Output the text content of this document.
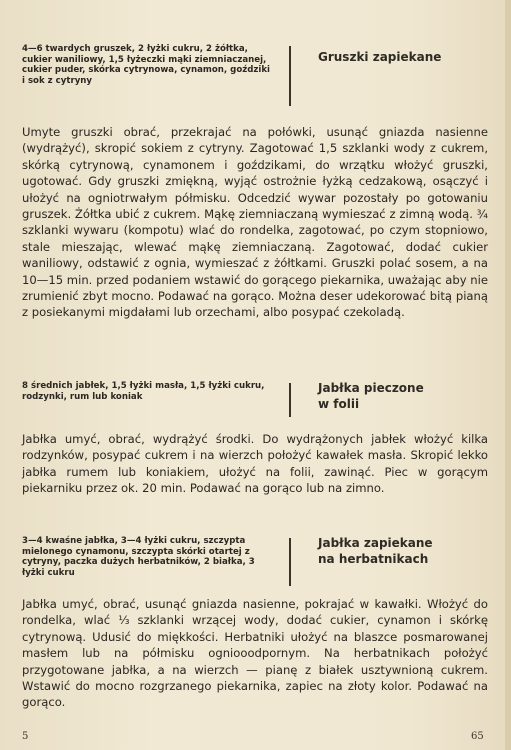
4—6 twardych gruszek, 2 łyżki cukru, 2 żółtka, cukier waniliowy, 1,5 łyżeczki mąki ziemniaczanej, cukier puder, skórka cytrynowa, cynamon, goździki i sok z cytryny
Gruszki zapiekane

Umyte gruszki obrać, przekrajać na połówki, usunąć gniazda nasienne (wydrążyć), skropić sokiem z cytryny. Zagotować 1,5 szklanki wody z cukrem, skórką cytrynową, cynamonem i goździkami, do wrzątku włożyć gruszki, ugotować. Gdy gruszki zmiękną, wyjąć ostrożnie łyżką cedzakową, osączyć i ułożyć na ogniotrwałym półmisku. Odcedzić wywar pozostały po gotowaniu gruszek. Żółtka ubić z cukrem. Mąkę ziemniaczaną wymieszać z zimną wodą. ¾ szklanki wywaru (kompotu) wlać do rondelka, zagotować, po czym stopniowo, stale mieszając, wlewać mąkę ziemniaczaną. Zagotować, dodać cukier waniliowy, odstawić z ognia, wymieszać z żółtkami. Gruszki polać sosem, a na 10—15 min. przed podaniem wstawić do gorącego piekarnika, uważając aby nie zrumienić zbyt mocno. Podawać na gorąco. Można deser udekorować bitą pianą z posiekanymi migdałami lub orzechami, albo posypać czekoladą.

8 średnich jabłek, 1,5 łyżki masła, 1,5 łyżki cukru, rodzynki, rum lub koniak
Jabłka pieczone w folii

Jabłka umyć, obrać, wydrążyć środki. Do wydrążonych jabłek włożyć kilka rodzynków, posypać cukrem i na wierzch położyć kawałek masła. Skropić lekko jabłka rumem lub koniakiem, ułożyć na folii, zawinąć. Piec w gorącym piekarniku przez ok. 20 min. Podawać na gorąco lub na zimno.

3—4 kwaśne jabłka, 3—4 łyżki cukru, szczypta mielonego cynamonu, szczypta skórki otartej z cytryny, paczka dużych herbatników, 2 białka, 3 łyżki cukru
Jabłka zapiekane na herbatnikach

Jabłka umyć, obrać, usunąć gniazda nasienne, pokrajać w kawałki. Włożyć do rondelka, wlać ⅓ szklanki wrzącej wody, dodać cukier, cynamon i skórkę cytrynową. Udusić do miękkości. Herbatniki ułożyć na blaszce posmarowanej masłem lub na półmisku ogniooodpornym. Na herbatnikach położyć przygotowane jabłka, a na wierzch — pianę z białek usztywnioną cukrem. Wstawić do mocno rozgrzanego piekarnika, zapiec na złoty kolor. Podawać na gorąco.

5	65
